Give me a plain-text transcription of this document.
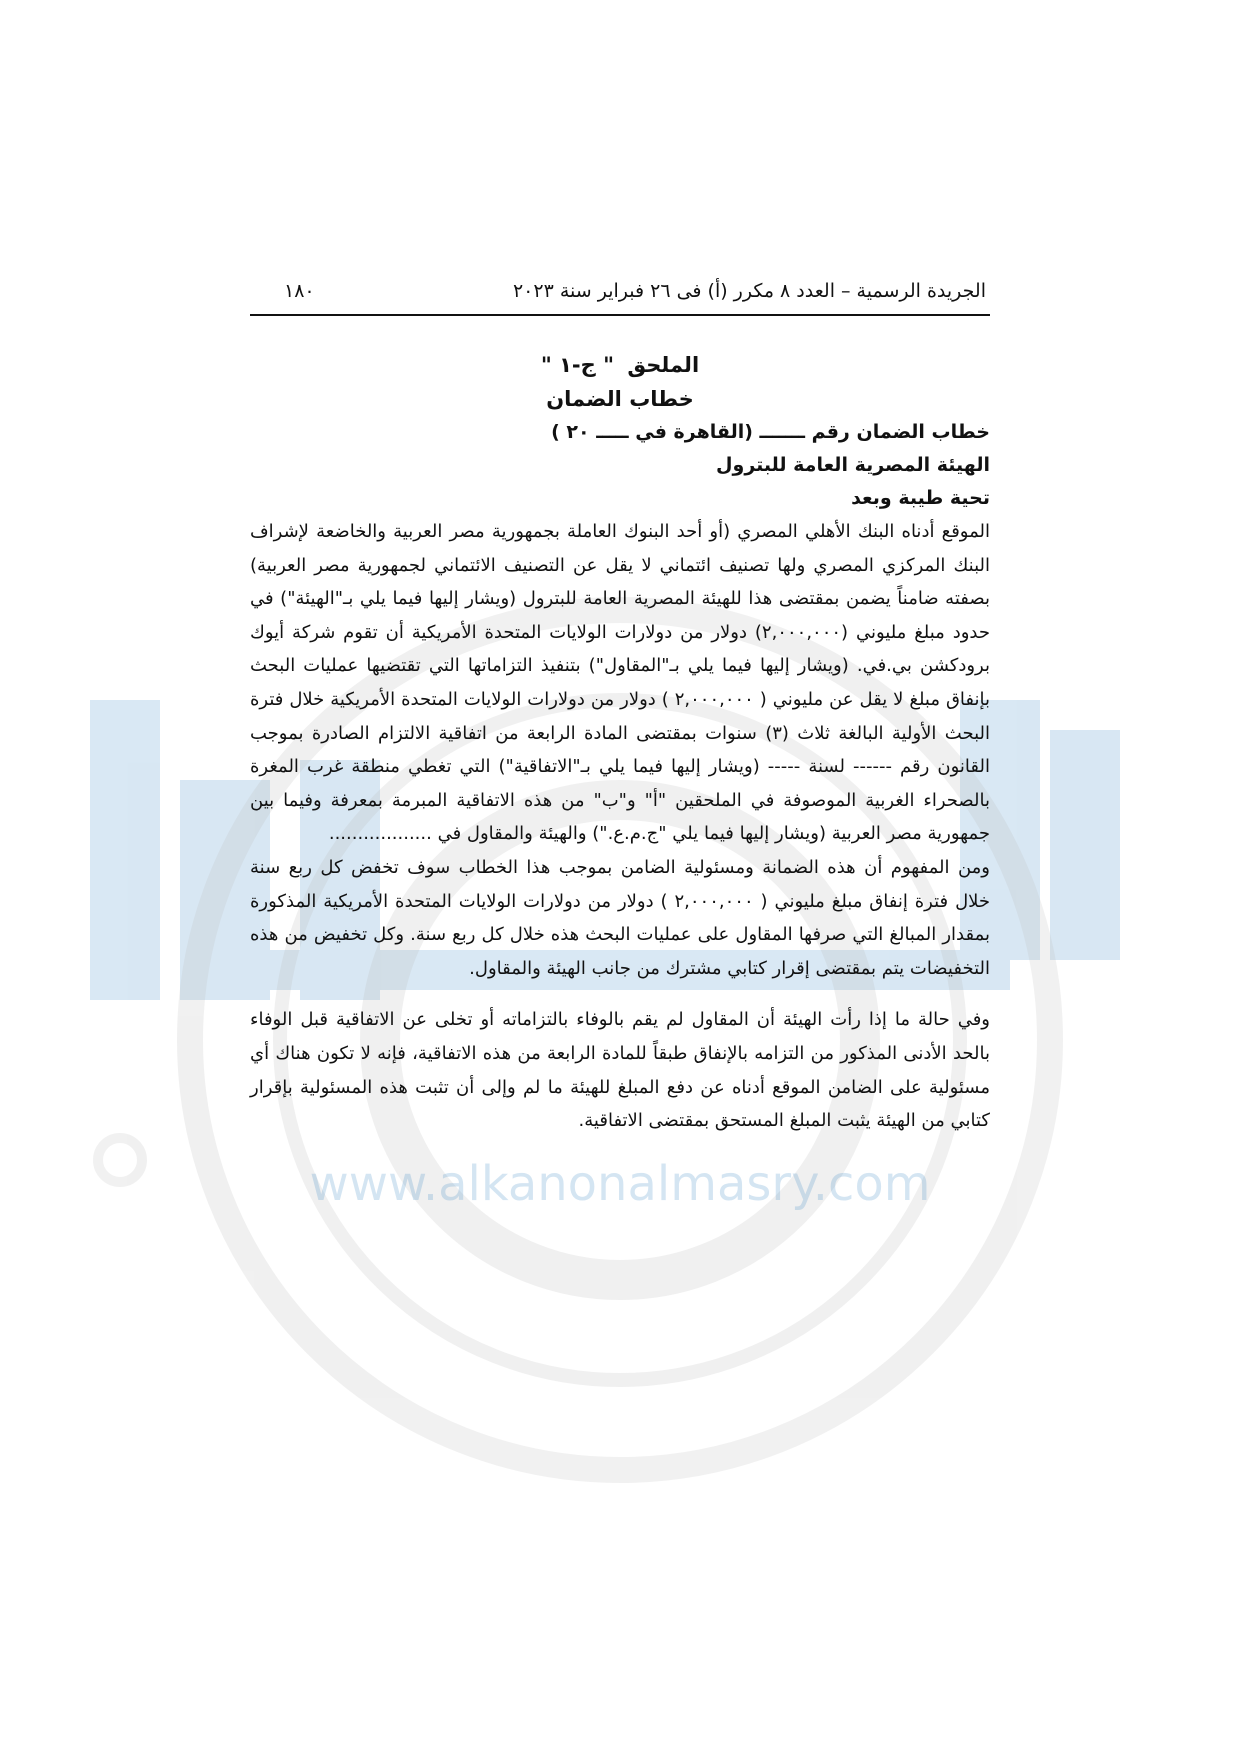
www.alkanonalmasry.com
الجريدة الرسمية – العدد ٨ مكرر (أ) فى ٢٦ فبراير سنة ٢٠٢٣
١٨٠
الملحق " ج-١ "
خطاب الضمان
خطاب الضمان رقم ـــــــ (القاهرة في ـــــ ٢٠ )
الهيئة المصرية العامة للبترول
تحية طيبة وبعد

الموقع أدناه البنك الأهلي المصري (أو أحد البنوك العاملة بجمهورية مصر العربية والخاضعة لإشراف البنك المركزي المصري ولها تصنيف ائتماني لا يقل عن التصنيف الائتماني لجمهورية مصر العربية) بصفته ضامناً يضمن بمقتضى هذا للهيئة المصرية العامة للبترول (ويشار إليها فيما يلي بـ"الهيئة") في حدود مبلغ مليوني (٢,٠٠٠,٠٠٠) دولار من دولارات الولايات المتحدة الأمريكية أن تقوم شركة أيوك برودكشن بي.في. (ويشار إليها فيما يلي بـ"المقاول") بتنفيذ التزاماتها التي تقتضيها عمليات البحث بإنفاق مبلغ لا يقل عن مليوني ( ٢,٠٠٠,٠٠٠ ) دولار من دولارات الولايات المتحدة الأمريكية خلال فترة البحث الأولية البالغة ثلاث (٣) سنوات بمقتضى المادة الرابعة من اتفاقية الالتزام الصادرة بموجب القانون رقم ------ لسنة ----- (ويشار إليها فيما يلي بـ"الاتفاقية") التي تغطي منطقة غرب المغرة بالصحراء الغربية الموصوفة في الملحقين "أ" و"ب" من هذه الاتفاقية المبرمة بمعرفة وفيما بين جمهورية مصر العربية (ويشار إليها فيما يلي "ج.م.ع.") والهيئة والمقاول في ..................

ومن المفهوم أن هذه الضمانة ومسئولية الضامن بموجب هذا الخطاب سوف تخفض كل ربع سنة خلال فترة إنفاق مبلغ مليوني ( ٢,٠٠٠,٠٠٠ ) دولار من دولارات الولايات المتحدة الأمريكية المذكورة بمقدار المبالغ التي صرفها المقاول على عمليات البحث هذه خلال كل ربع سنة. وكل تخفيض من هذه التخفيضات يتم بمقتضى إقرار كتابي مشترك من جانب الهيئة والمقاول.

وفي حالة ما إذا رأت الهيئة أن المقاول لم يقم بالوفاء بالتزاماته أو تخلى عن الاتفاقية قبل الوفاء بالحد الأدنى المذكور من التزامه بالإنفاق طبقاً للمادة الرابعة من هذه الاتفاقية، فإنه لا تكون هناك أي مسئولية على الضامن الموقع أدناه عن دفع المبلغ للهيئة ما لم وإلى أن تثبت هذه المسئولية بإقرار كتابي من الهيئة يثبت المبلغ المستحق بمقتضى الاتفاقية.
